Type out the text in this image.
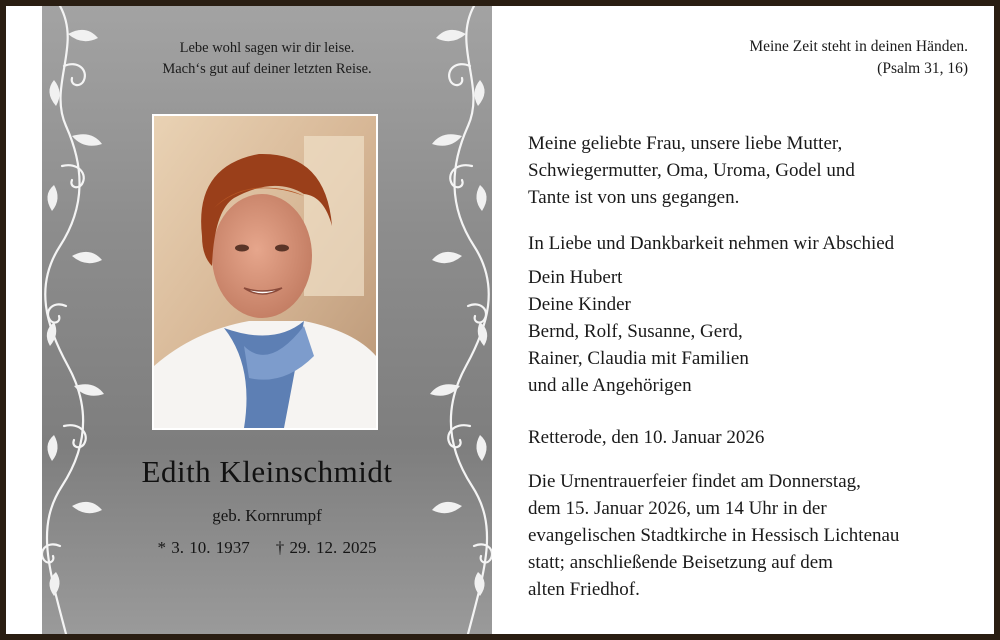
Lebe wohl sagen wir dir leise.
Mach‘s gut auf deiner letzten Reise.
Edith Kleinschmidt
geb. Kornrumpf
* 3. 10. 1937 † 29. 12. 2025
Meine Zeit steht in deinen Händen.
(Psalm 31, 16)
Meine geliebte Frau, unsere liebe Mutter,
Schwiegermutter, Oma, Uroma, Godel und
Tante ist von uns gegangen.
In Liebe und Dankbarkeit nehmen wir Abschied
Dein Hubert
Deine Kinder
Bernd, Rolf, Susanne, Gerd,
Rainer, Claudia mit Familien
und alle Angehörigen
Retterode, den 10. Januar 2026
Die Urnentrauerfeier findet am Donnerstag,
dem 15. Januar 2026, um 14 Uhr in der
evangelischen Stadtkirche in Hessisch Lichtenau
statt; anschließende Beisetzung auf dem
alten Friedhof.
